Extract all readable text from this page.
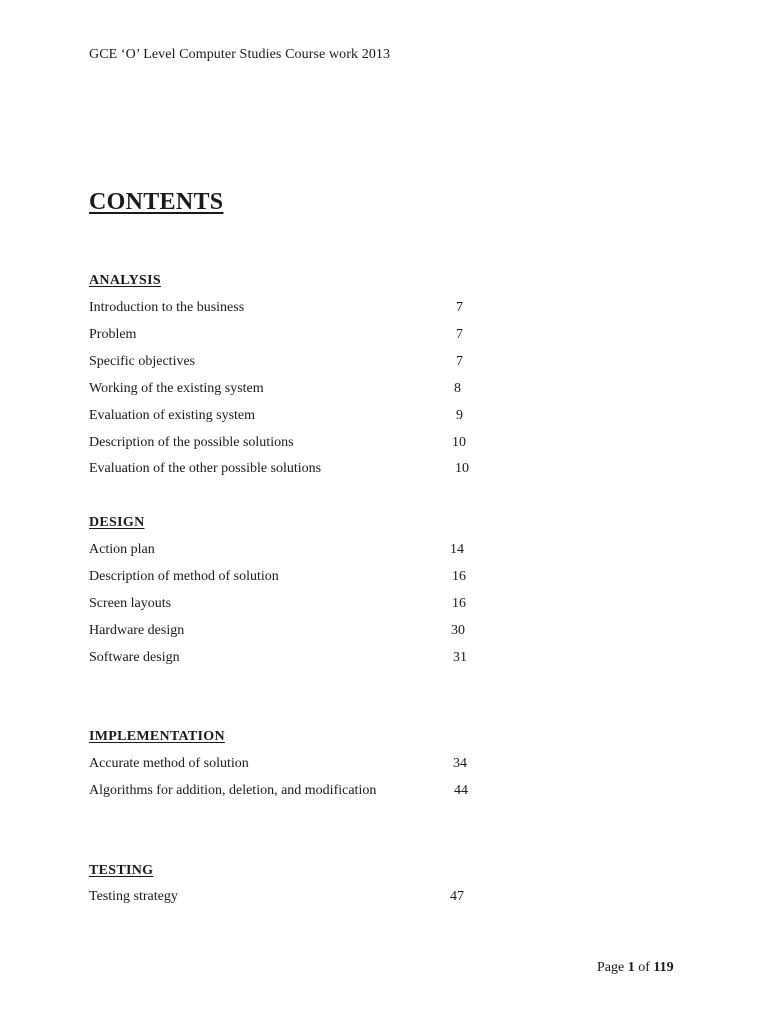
GCE ‘O’ Level Computer Studies Course work 2013
CONTENTS
ANALYSIS
Introduction to the business	7
Problem	7
Specific objectives	7
Working of the existing system	8
Evaluation of existing system	9
Description of the possible solutions	10
Evaluation of the other possible solutions	10
DESIGN
Action plan	14
Description of method of solution	16
Screen layouts	16
Hardware design	30
Software design	31
IMPLEMENTATION
Accurate method of solution	34
Algorithms for addition, deletion, and modification	44
TESTING
Testing strategy	47
Page 1 of 119
